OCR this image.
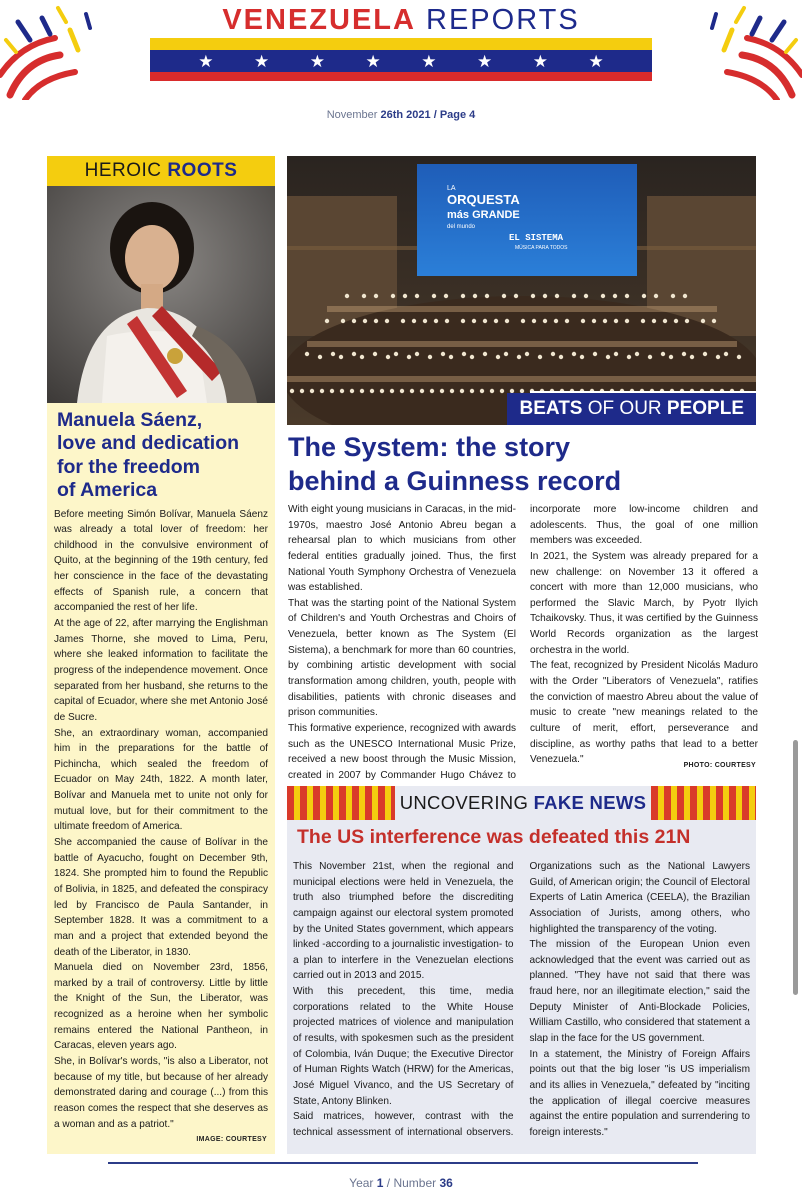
VENEZUELA REPORTS
★ ★ ★ ★ ★ ★ ★ ★
November 26th 2021 / Page 4
HEROIC ROOTS
Manuela Sáenz,
love and dedication
for the freedom
of America

Before meeting Simón Bolívar, Manuela Sáenz was already a total lover of freedom: her childhood in the convulsive environment of Quito, at the beginning of the 19th century, fed her conscience in the face of the devastating effects of Spanish rule, a concern that accompanied the rest of her life.

At the age of 22, after marrying the Englishman James Thorne, she moved to Lima, Peru, where she leaked information to facilitate the progress of the independence movement. Once separated from her husband, she returns to the capital of Ecuador, where she met Antonio José de Sucre.

She, an extraordinary woman, accompanied him in the preparations for the battle of Pichincha, which sealed the freedom of Ecuador on May 24th, 1822. A month later, Bolívar and Manuela met to unite not only for mutual love, but for their commitment to the ultimate freedom of America.

She accompanied the cause of Bolívar in the battle of Ayacucho, fought on December 9th, 1824. She prompted him to found the Republic of Bolivia, in 1825, and defeated the conspiracy led by Francisco de Paula Santander, in September 1828. It was a commitment to a man and a project that extended beyond the death of the Liberator, in 1830.

Manuela died on November 23rd, 1856, marked by a trail of controversy. Little by little the Knight of the Sun, the Liberator, was recognized as a heroine when her symbolic remains entered the National Pantheon, in Caracas, eleven years ago.

She, in Bolívar's words, "is also a Liberator, not because of my title, but because of her already demonstrated daring and courage (...) from this reason comes the respect that she deserves as a woman and as a patriot."

IMAGE: COURTESY
LA
ORQUESTA
más GRANDE
del mundo
EL SISTEMA
MÚSICA PARA TODOS
BEATS OF OUR PEOPLE
The System: the story
behind a Guinness record

With eight young musicians in Caracas, in the mid-1970s, maestro José Antonio Abreu began a rehearsal plan to which musicians from other federal entities gradually joined. Thus, the first National Youth Symphony Orchestra of Venezuela was established.

That was the starting point of the National System of Children's and Youth Orchestras and Choirs of Venezuela, better known as The System (El Sistema), a benchmark for more than 60 countries, by combining artistic development with social transformation among children, youth, people with disabilities, patients with chronic diseases and prison communities.

This formative experience, recognized with awards such as the UNESCO International Music Prize, received a new boost through the Music Mission, created in 2007 by Commander Hugo Chávez to incorporate more low-income children and adolescents. Thus, the goal of one million members was exceeded.

In 2021, the System was already prepared for a new challenge: on November 13 it offered a concert with more than 12,000 musicians, who performed the Slavic March, by Pyotr Ilyich Tchaikovsky. Thus, it was certified by the Guinness World Records organization as the largest orchestra in the world.

The feat, recognized by President Nicolás Maduro with the Order "Liberators of Venezuela", ratifies the conviction of maestro Abreu about the value of music to create "new meanings related to the culture of merit, effort, perseverance and discipline, as worthy paths that lead to a better Venezuela."

PHOTO: COURTESY
UNCOVERING FAKE NEWS
The US interference was defeated this 21N

This November 21st, when the regional and municipal elections were held in Venezuela, the truth also triumphed before the discrediting campaign against our electoral system promoted by the United States government, which appears linked -according to a journalistic investigation- to a plan to interfere in the Venezuelan elections carried out in 2013 and 2015.

With this precedent, this time, media corporations related to the White House projected matrices of violence and manipulation of results, with spokesmen such as the president of Colombia, Iván Duque; the Executive Director of Human Rights Watch (HRW) for the Americas, José Miguel Vivanco, and the US Secretary of State, Antony Blinken.

Said matrices, however, contrast with the technical assessment of international observers. Organizations such as the National Lawyers Guild, of American origin; the Council of Electoral Experts of Latin America (CEELA), the Brazilian Association of Jurists, among others, who highlighted the transparency of the voting.

The mission of the European Union even acknowledged that the event was carried out as planned. "They have not said that there was fraud here, nor an illegitimate election," said the Deputy Minister of Anti-Blockade Policies, William Castillo, who considered that statement a slap in the face for the US government.

In a statement, the Ministry of Foreign Affairs points out that the big loser "is US imperialism and its allies in Venezuela," defeated by "inciting the application of illegal coercive measures against the entire population and surrendering to foreign interests."

Year 1 / Number 36
